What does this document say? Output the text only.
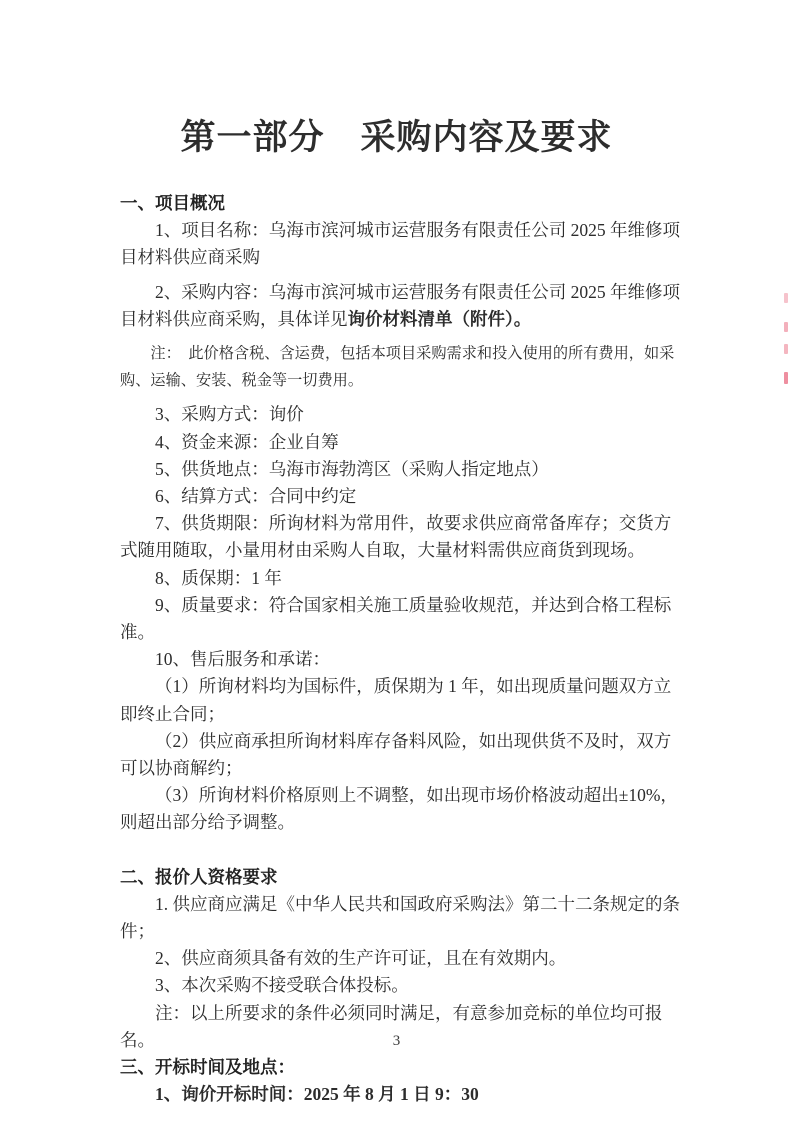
第一部分　采购内容及要求

一、项目概况

1、项目名称：乌海市滨河城市运营服务有限责任公司 2025 年维修项目材料供应商采购

2、采购内容：乌海市滨河城市运营服务有限责任公司 2025 年维修项目材料供应商采购，具体详见询价材料清单（附件）。

注：  此价格含税、含运费，包括本项目采购需求和投入使用的所有费用，如采购、运输、安装、税金等一切费用。

3、采购方式：询价

4、资金来源：企业自筹

5、供货地点：乌海市海勃湾区（采购人指定地点）

6、结算方式：合同中约定

7、供货期限：所询材料为常用件，故要求供应商常备库存；交货方式随用随取，小量用材由采购人自取，大量材料需供应商货到现场。

8、质保期：1 年

9、质量要求：符合国家相关施工质量验收规范，并达到合格工程标准。

10、售后服务和承诺：

（1）所询材料均为国标件，质保期为 1 年，如出现质量问题双方立即终止合同；

（2）供应商承担所询材料库存备料风险，如出现供货不及时，双方可以协商解约；

（3）所询材料价格原则上不调整，如出现市场价格波动超出±10%，则超出部分给予调整。

二、报价人资格要求

1. 供应商应满足《中华人民共和国政府采购法》第二十二条规定的条件；

2、供应商须具备有效的生产许可证，且在有效期内。

3、本次采购不接受联合体投标。

注：以上所要求的条件必须同时满足，有意参加竞标的单位均可报名。

三、开标时间及地点：

1、询价开标时间：2025 年 8 月 1 日 9：30

3
